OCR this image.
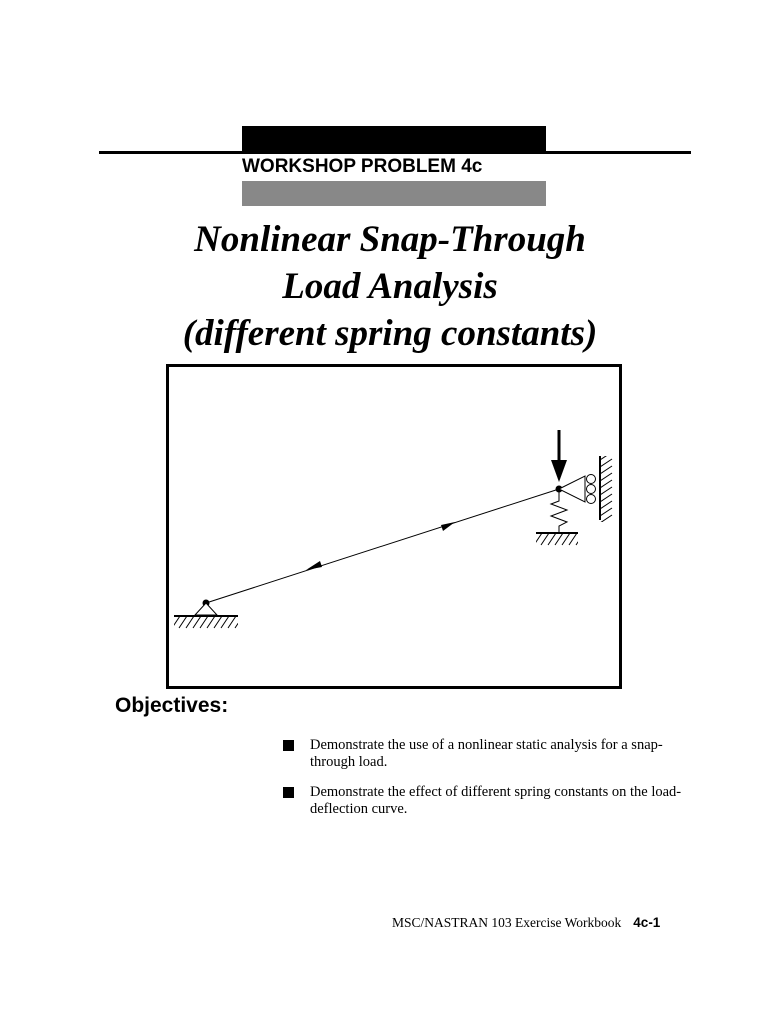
WORKSHOP PROBLEM 4c
Nonlinear Snap-Through
Load Analysis
(different spring constants)
Objectives:
Demonstrate the use of a nonlinear static analysis for a snap-through load.
Demonstrate the effect of different spring constants on the load-deflection curve.
MSC/NASTRAN 103 Exercise Workbook 4c-1
